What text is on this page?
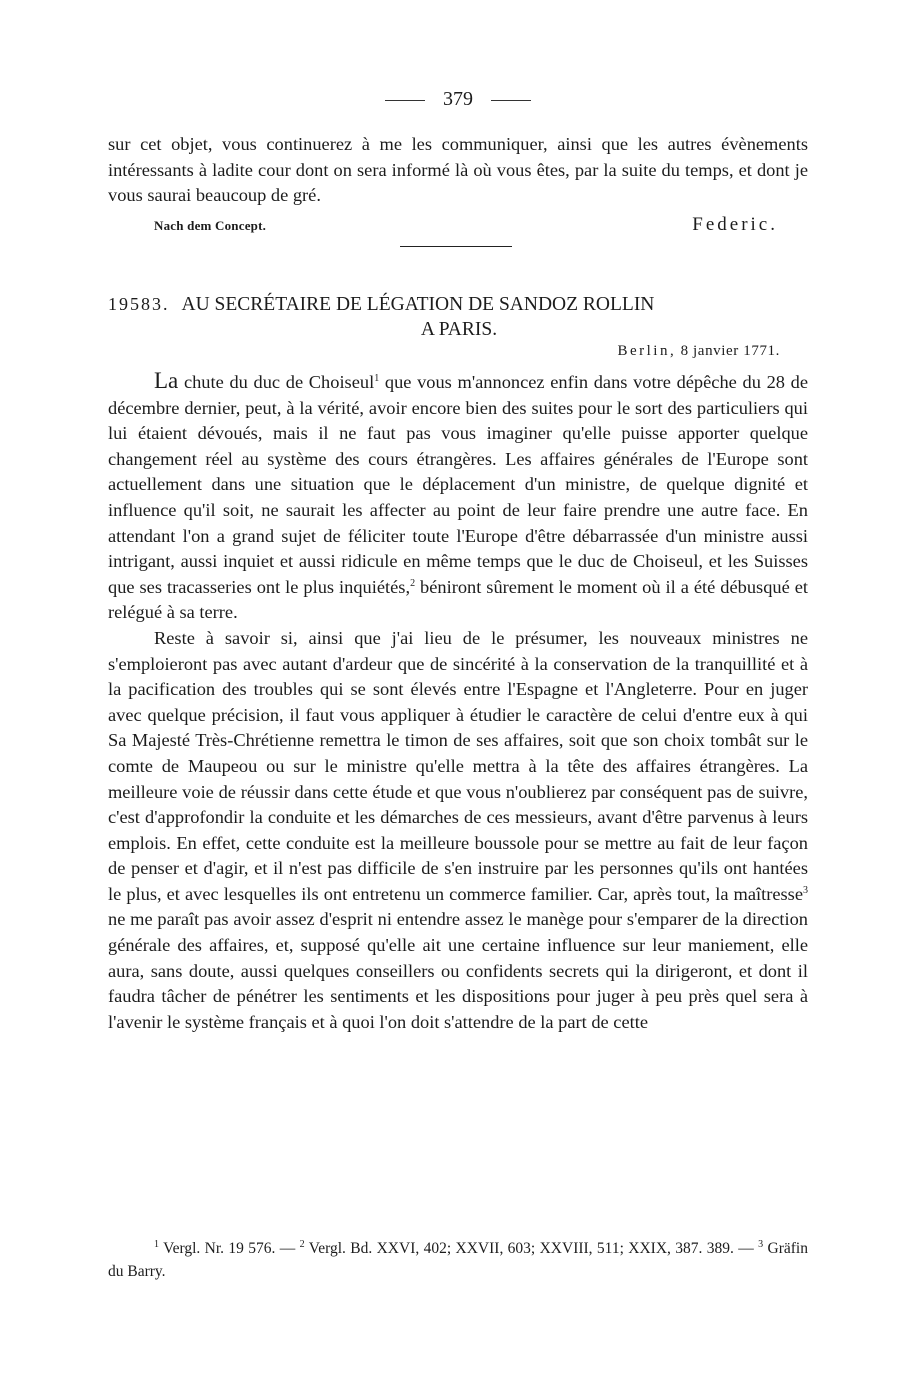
379

sur cet objet, vous continuerez à me les communiquer, ainsi que les autres évènements intéressants à ladite cour dont on sera informé là où vous êtes, par la suite du temps, et dont je vous saurai beaucoup de gré.

Nach dem Concept.	Federic.
19583. AU SECRÉTAIRE DE LÉGATION DE SANDOZ ROLLIN
A PARIS.
Berlin, 8 janvier 1771.

La chute du duc de Choiseul$^1$ que vous m'annoncez enfin dans votre dépêche du 28 de décembre dernier, peut, à la vérité, avoir encore bien des suites pour le sort des particuliers qui lui étaient dévoués, mais il ne faut pas vous imaginer qu'elle puisse apporter quelque changement réel au système des cours étrangères. Les affaires générales de l'Europe sont actuellement dans une situation que le déplacement d'un ministre, de quelque dignité et influence qu'il soit, ne saurait les affecter au point de leur faire prendre une autre face. En attendant l'on a grand sujet de féliciter toute l'Europe d'être débarrassée d'un ministre aussi intrigant, aussi inquiet et aussi ridicule en même temps que le duc de Choiseul, et les Suisses que ses tracasseries ont le plus inquiétés,$^2$ béniront sûrement le moment où il a été débusqué et relégué à sa terre.

Reste à savoir si, ainsi que j'ai lieu de le présumer, les nouveaux ministres ne s'emploieront pas avec autant d'ardeur que de sincérité à la conservation de la tranquillité et à la pacification des troubles qui se sont élevés entre l'Espagne et l'Angleterre. Pour en juger avec quelque précision, il faut vous appliquer à étudier le caractère de celui d'entre eux à qui Sa Majesté Très-Chrétienne remettra le timon de ses affaires, soit que son choix tombât sur le comte de Maupeou ou sur le ministre qu'elle mettra à la tête des affaires étrangères. La meilleure voie de réussir dans cette étude et que vous n'oublierez par conséquent pas de suivre, c'est d'approfondir la conduite et les démarches de ces messieurs, avant d'être parvenus à leurs emplois. En effet, cette conduite est la meilleure boussole pour se mettre au fait de leur façon de penser et d'agir, et il n'est pas difficile de s'en instruire par les personnes qu'ils ont hantées le plus, et avec lesquelles ils ont entretenu un commerce familier. Car, après tout, la maîtresse$^3$ ne me paraît pas avoir assez d'esprit ni entendre assez le manège pour s'emparer de la direction générale des affaires, et, supposé qu'elle ait une certaine influence sur leur maniement, elle aura, sans doute, aussi quelques conseillers ou confidents secrets qui la dirigeront, et dont il faudra tâcher de pénétrer les sentiments et les dispositions pour juger à peu près quel sera à l'avenir le système français et à quoi l'on doit s'attendre de la part de cette

$^1$ Vergl. Nr. 19 576. — $^2$ Vergl. Bd. XXVI, 402; XXVII, 603; XXVIII, 511; XXIX, 387. 389. — $^3$ Gräfin du Barry.
